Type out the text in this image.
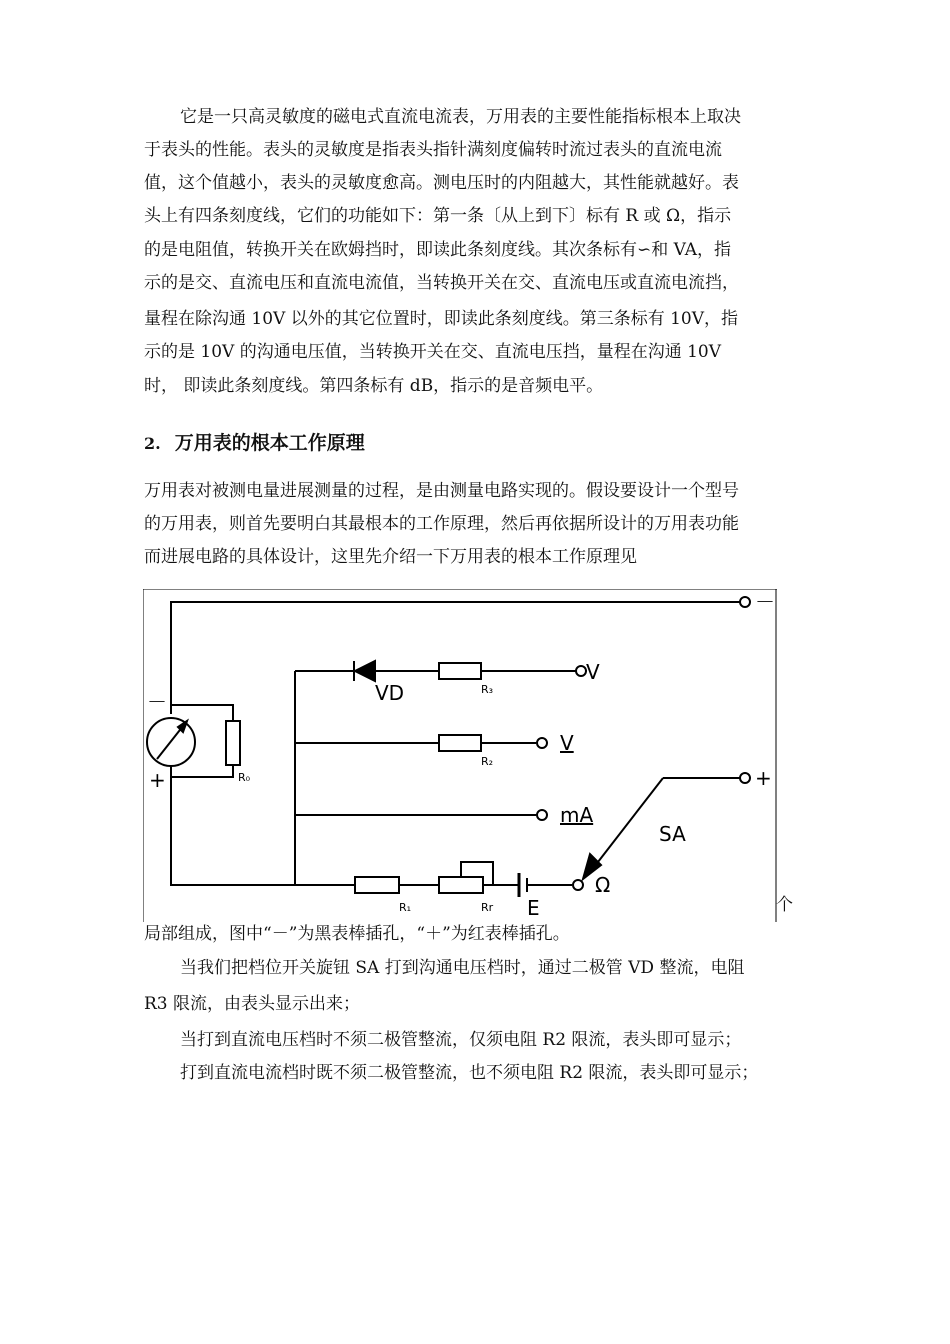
它是一只高灵敏度的磁电式直流电流表，万用表的主要性能指标根本上取决
于表头的性能。表头的灵敏度是指表头指针满刻度偏转时流过表头的直流电流
值，这个值越小，表头的灵敏度愈高。测电压时的内阻越大，其性能就越好。表
头上有四条刻度线，它们的功能如下：第一条〔从上到下〕标有 R 或 Ω，指示
的是电阻值，转换开关在欧姆挡时，即读此条刻度线。其次条标有∽和 VA，指
示的是交、直流电压和直流电流值，当转换开关在交、直流电压或直流电流挡，
量程在除沟通 10V 以外的其它位置时，即读此条刻度线。第三条标有 10V，指
示的是 10V 的沟通电压值，当转换开关在交、直流电压挡，量程在沟通 10V
时， 即读此条刻度线。第四条标有 dB，指示的是音频电平。
2. 万用表的根本工作原理
万用表对被测电量进展测量的过程，是由测量电路实现的。假设要设计一个型号
的万用表，则首先要明白其最根本的工作原理，然后再依据所设计的万用表功能
而进展电路的具体设计，这里先介绍一下万用表的根本工作原理见
－
+
－
+
R₀
VD	R₃
R₂
R₁	Rr E
SA
V
V
mA
Ω
个
局部组成，图中“－”为黑表棒插孔，“＋”为红表棒插孔。
当我们把档位开关旋钮 SA 打到沟通电压档时，通过二极管 VD 整流，电阻
R3 限流，由表头显示出来；
当打到直流电压档时不须二极管整流，仅须电阻 R2 限流，表头即可显示；
打到直流电流档时既不须二极管整流，也不须电阻 R2 限流，表头即可显示；
